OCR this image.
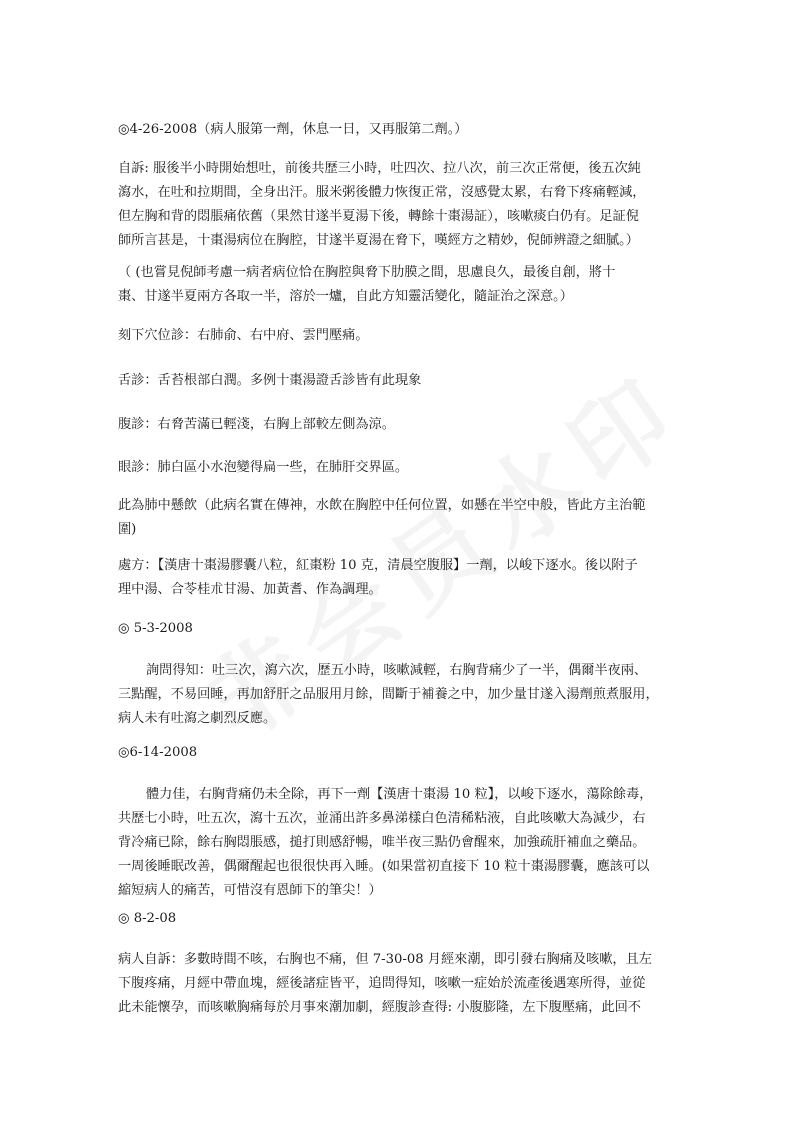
◎4-26-2008（病人服第一劑，休息一日，又再服第二劑。）
自訴: 服後半小時開始想吐，前後共歷三小時，吐四次、拉八次，前三次正常便，後五次純
瀉水，在吐和拉期間，全身出汗。服米粥後體力恢復正常，沒感覺太累，右脅下疼痛輕減，
但左胸和背的悶脹痛依舊（果然甘遂半夏湯下後，轉餘十棗湯証），咳嗽痰白仍有。足証倪
師所言甚是，十棗湯病位在胸腔，甘遂半夏湯在脅下，嘆經方之精妙，倪師辨證之細膩。）
（ (也嘗見倪師考慮一病者病位恰在胸腔與脅下肋膜之間，思慮良久，最後自創，將十
棗、甘遂半夏兩方各取一半，溶於一爐，自此方知靈活變化，隨証治之深意。）
刻下穴位診：右肺俞、右中府、雲門壓痛。
舌診：舌苔根部白潤。多例十棗湯證舌診皆有此現象
腹診：右脅苦滿已輕淺，右胸上部較左側為涼。
眼診：肺白區小水泡變得扁一些，在肺肝交界區。
此為肺中懸飲（此病名實在傳神，水飲在胸腔中任何位置，如懸在半空中般，皆此方主治範
圍)
處方：【漢唐十棗湯膠囊八粒，紅棗粉 10 克，清晨空腹服】一劑，以峻下逐水。後以附子
理中湯、合苓桂朮甘湯、加黃耆、作為調理。
◎ 5-3-2008
詢問得知：吐三次，瀉六次，歷五小時，咳嗽減輕，右胸背痛少了一半，偶爾半夜兩、
三點醒，不易回睡，再加舒肝之品服用月餘，間斷于補養之中，加少量甘遂入湯劑煎煮服用，
病人未有吐瀉之劇烈反應。
◎6-14-2008
體力佳，右胸背痛仍未全除，再下一劑【漢唐十棗湯 10 粒】，以峻下逐水，蕩除餘毒，
共歷七小時，吐五次，瀉十五次，並涌出許多鼻涕樣白色清稀粘液，自此咳嗽大為減少，右
背冷痛已除，餘右胸悶脹感，搥打則感舒暢，唯半夜三點仍會醒來，加強疏肝補血之藥品。
一周後睡眠改善，偶爾醒起也很很快再入睡。(如果當初直接下 10 粒十棗湯膠囊，應該可以
縮短病人的痛苦，可惜沒有恩師下的筆尖！）
◎ 8-2-08
病人自訴：多數時間不咳，右胸也不痛，但 7-30-08 月經來潮，即引發右胸痛及咳嗽，且左
下腹疼痛，月經中帶血塊，經後諸症皆平，追問得知，咳嗽一症始於流產後遇寒所得，並從
此未能懷孕，而咳嗽胸痛每於月事來潮加劇，經腹診查得: 小腹膨隆，左下腹壓痛，此回不
